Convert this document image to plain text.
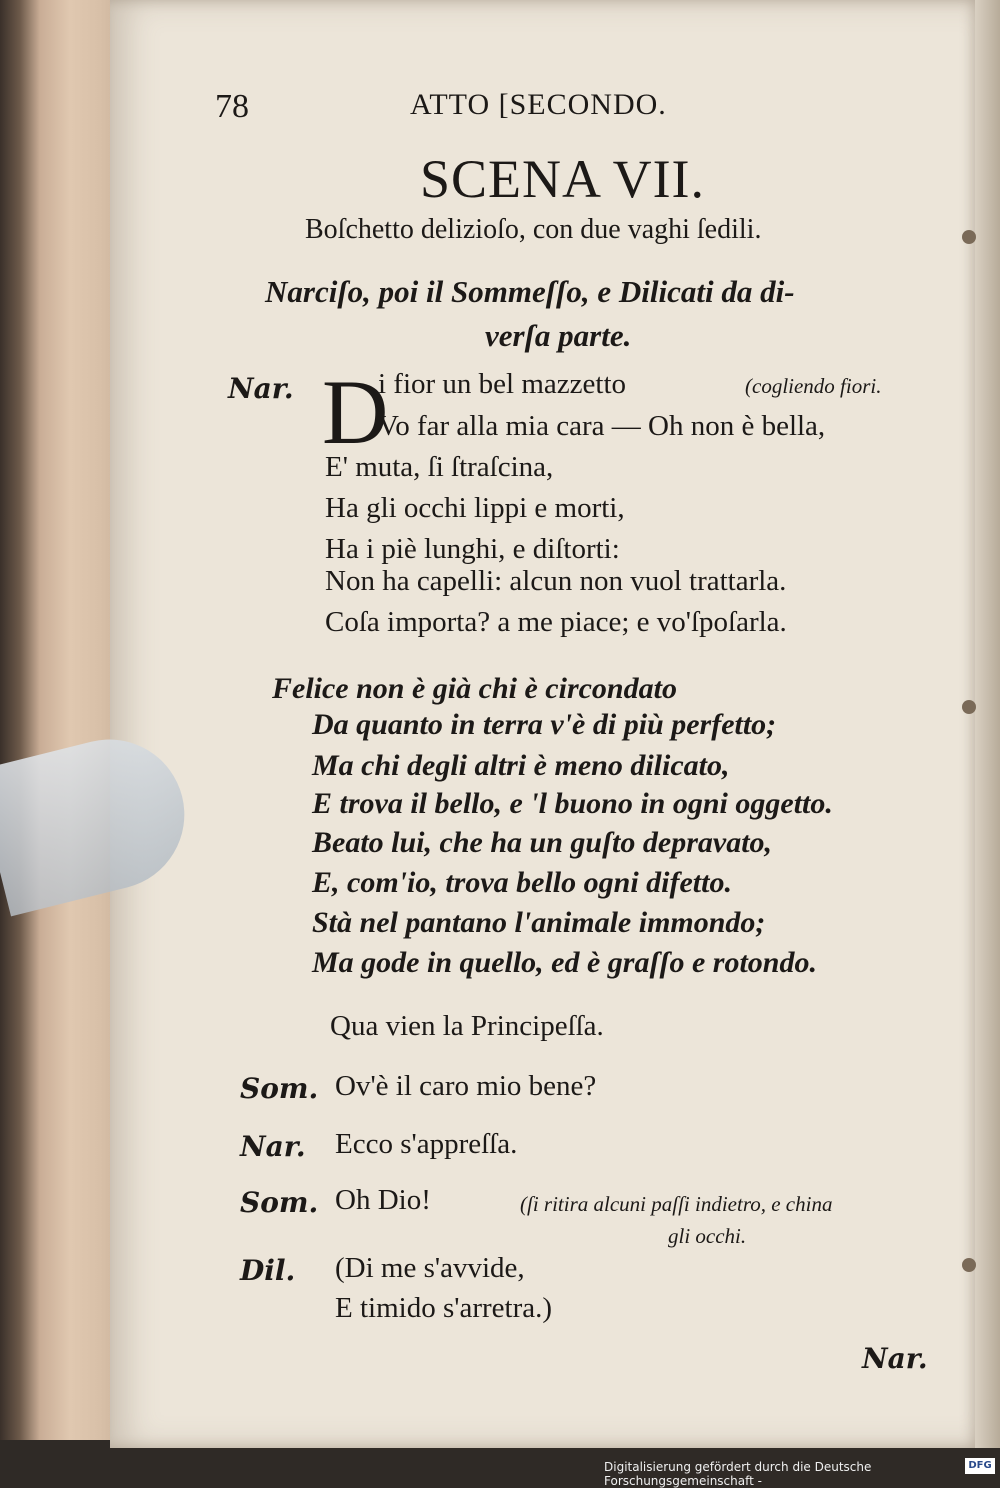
78	ATTO [SECONDO.
SCENA VII.
Boſchetto delizioſo, con due vaghi ſedili.
Narciſo, poi il Sommeſſo, e Dilicati da di-
verſa parte.
Nar. D
i fior un bel mazzetto	(cogliendo fiori.
Vo far alla mia cara — Oh non è bella,
E' muta, ſi ſtraſcina,
Ha gli occhi lippi e morti,
Ha i piè lunghi, e diſtorti:
Non ha capelli: alcun non vuol trattarla.
Coſa importa? a me piace; e vo'ſpoſarla.
Felice non è già chi è circondato
Da quanto in terra v'è di più perfetto;
Ma chi degli altri è meno dilicato,
E trova il bello, e 'l buono in ogni oggetto.
Beato lui, che ha un guſto depravato,
E, com'io, trova bello ogni difetto.
Stà nel pantano l'animale immondo;
Ma gode in quello, ed è graſſo e rotondo.
Qua vien la Principeſſa.
Som. Ov'è il caro mio bene?
Nar. Ecco s'appreſſa.
Som. Oh Dio!	(ſi ritira alcuni paſſi indietro, e china
gli occhi.
Dil. (Di me s'avvide,
E timido s'arretra.)
Nar.
Digitalisierung gefördert durch die Deutsche Forschungsgemeinschaft -
DFG
